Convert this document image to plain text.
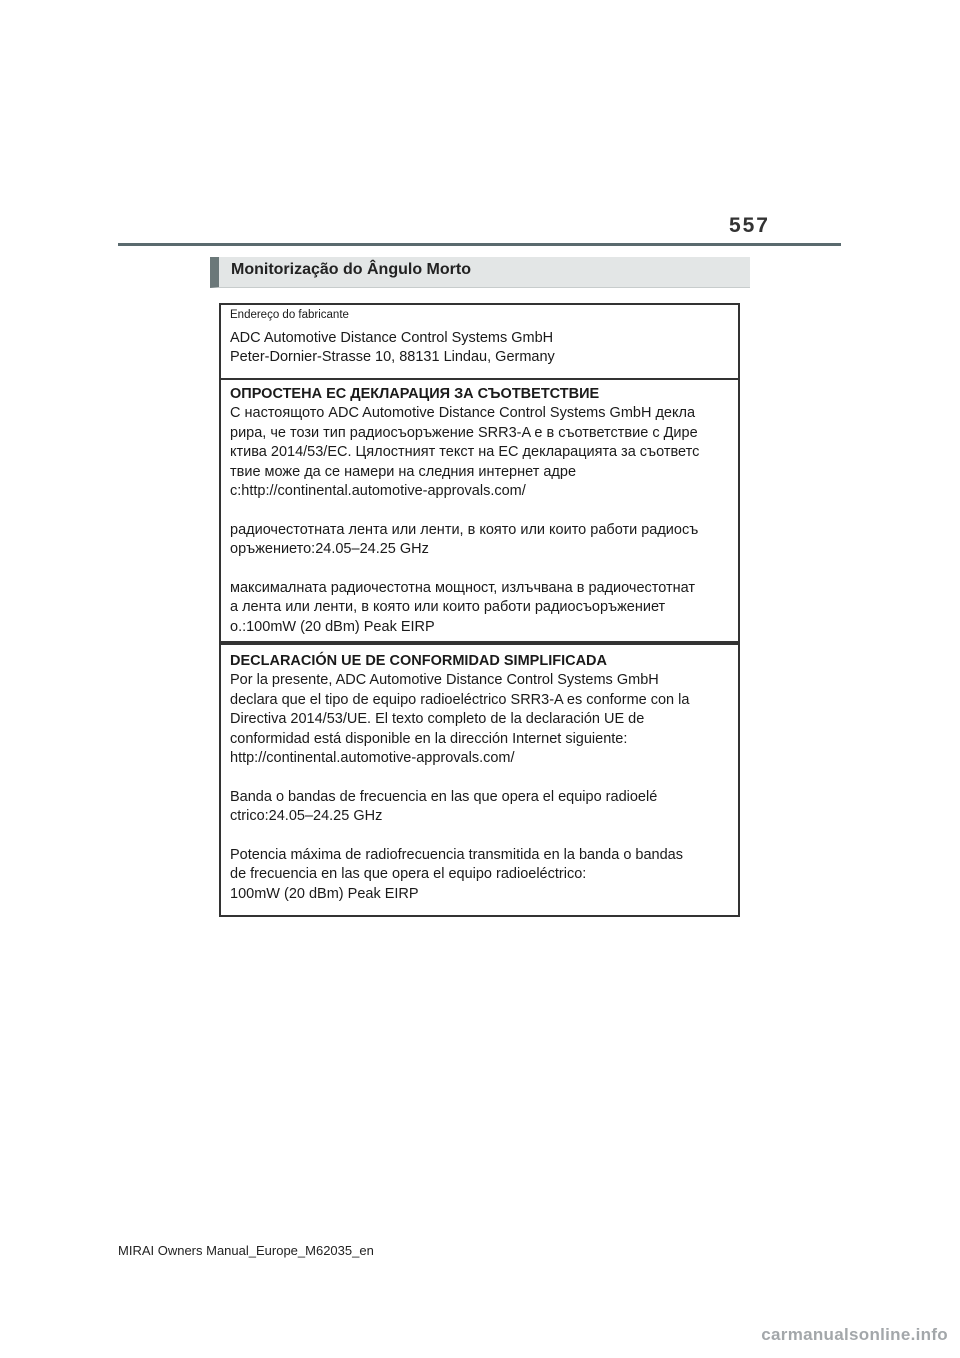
557
Monitorização do Ângulo Morto
Endereço do fabricante
ADC Automotive Distance Control Systems GmbH
Peter-Dornier-Strasse 10, 88131 Lindau, Germany
ОПРОСТЕНА ЕС ДЕКЛАРАЦИЯ ЗА СЪОТВЕТСТВИЕ
С настоящото ADC Automotive Distance Control Systems GmbH декла
рира, че този тип радиосъоръжение SRR3-A е в съответствие с Дире
ктива 2014/53/ЕС. Цялостният текст на ЕС декларацията за съответс
твие може да се намери на следния интернет адре
с:http://continental.automotive-approvals.com/
радиочестотната лента или ленти, в която или които работи радиосъ
оръжението:24.05–24.25 GHz
максималната радиочестотна мощност, излъчвана в радиочестотнат
а лента или ленти, в която или които работи радиосъоръжениет
о.:100mW (20 dBm) Peak EIRP
DECLARACIÓN UE DE CONFORMIDAD SIMPLIFICADA
Por la presente, ADC Automotive Distance Control Systems GmbH
declara que el tipo de equipo radioeléctrico SRR3-A es conforme con la
Directiva 2014/53/UE. El texto completo de la declaración UE de
conformidad está disponible en la dirección Internet siguiente:
http://continental.automotive-approvals.com/
Banda o bandas de frecuencia en las que opera el equipo radioelé
ctrico:24.05–24.25 GHz
Potencia máxima de radiofrecuencia transmitida en la banda o bandas
de frecuencia en las que opera el equipo radioeléctrico:
100mW (20 dBm) Peak EIRP
MIRAI Owners Manual_Europe_M62035_en
carmanualsonline.info
